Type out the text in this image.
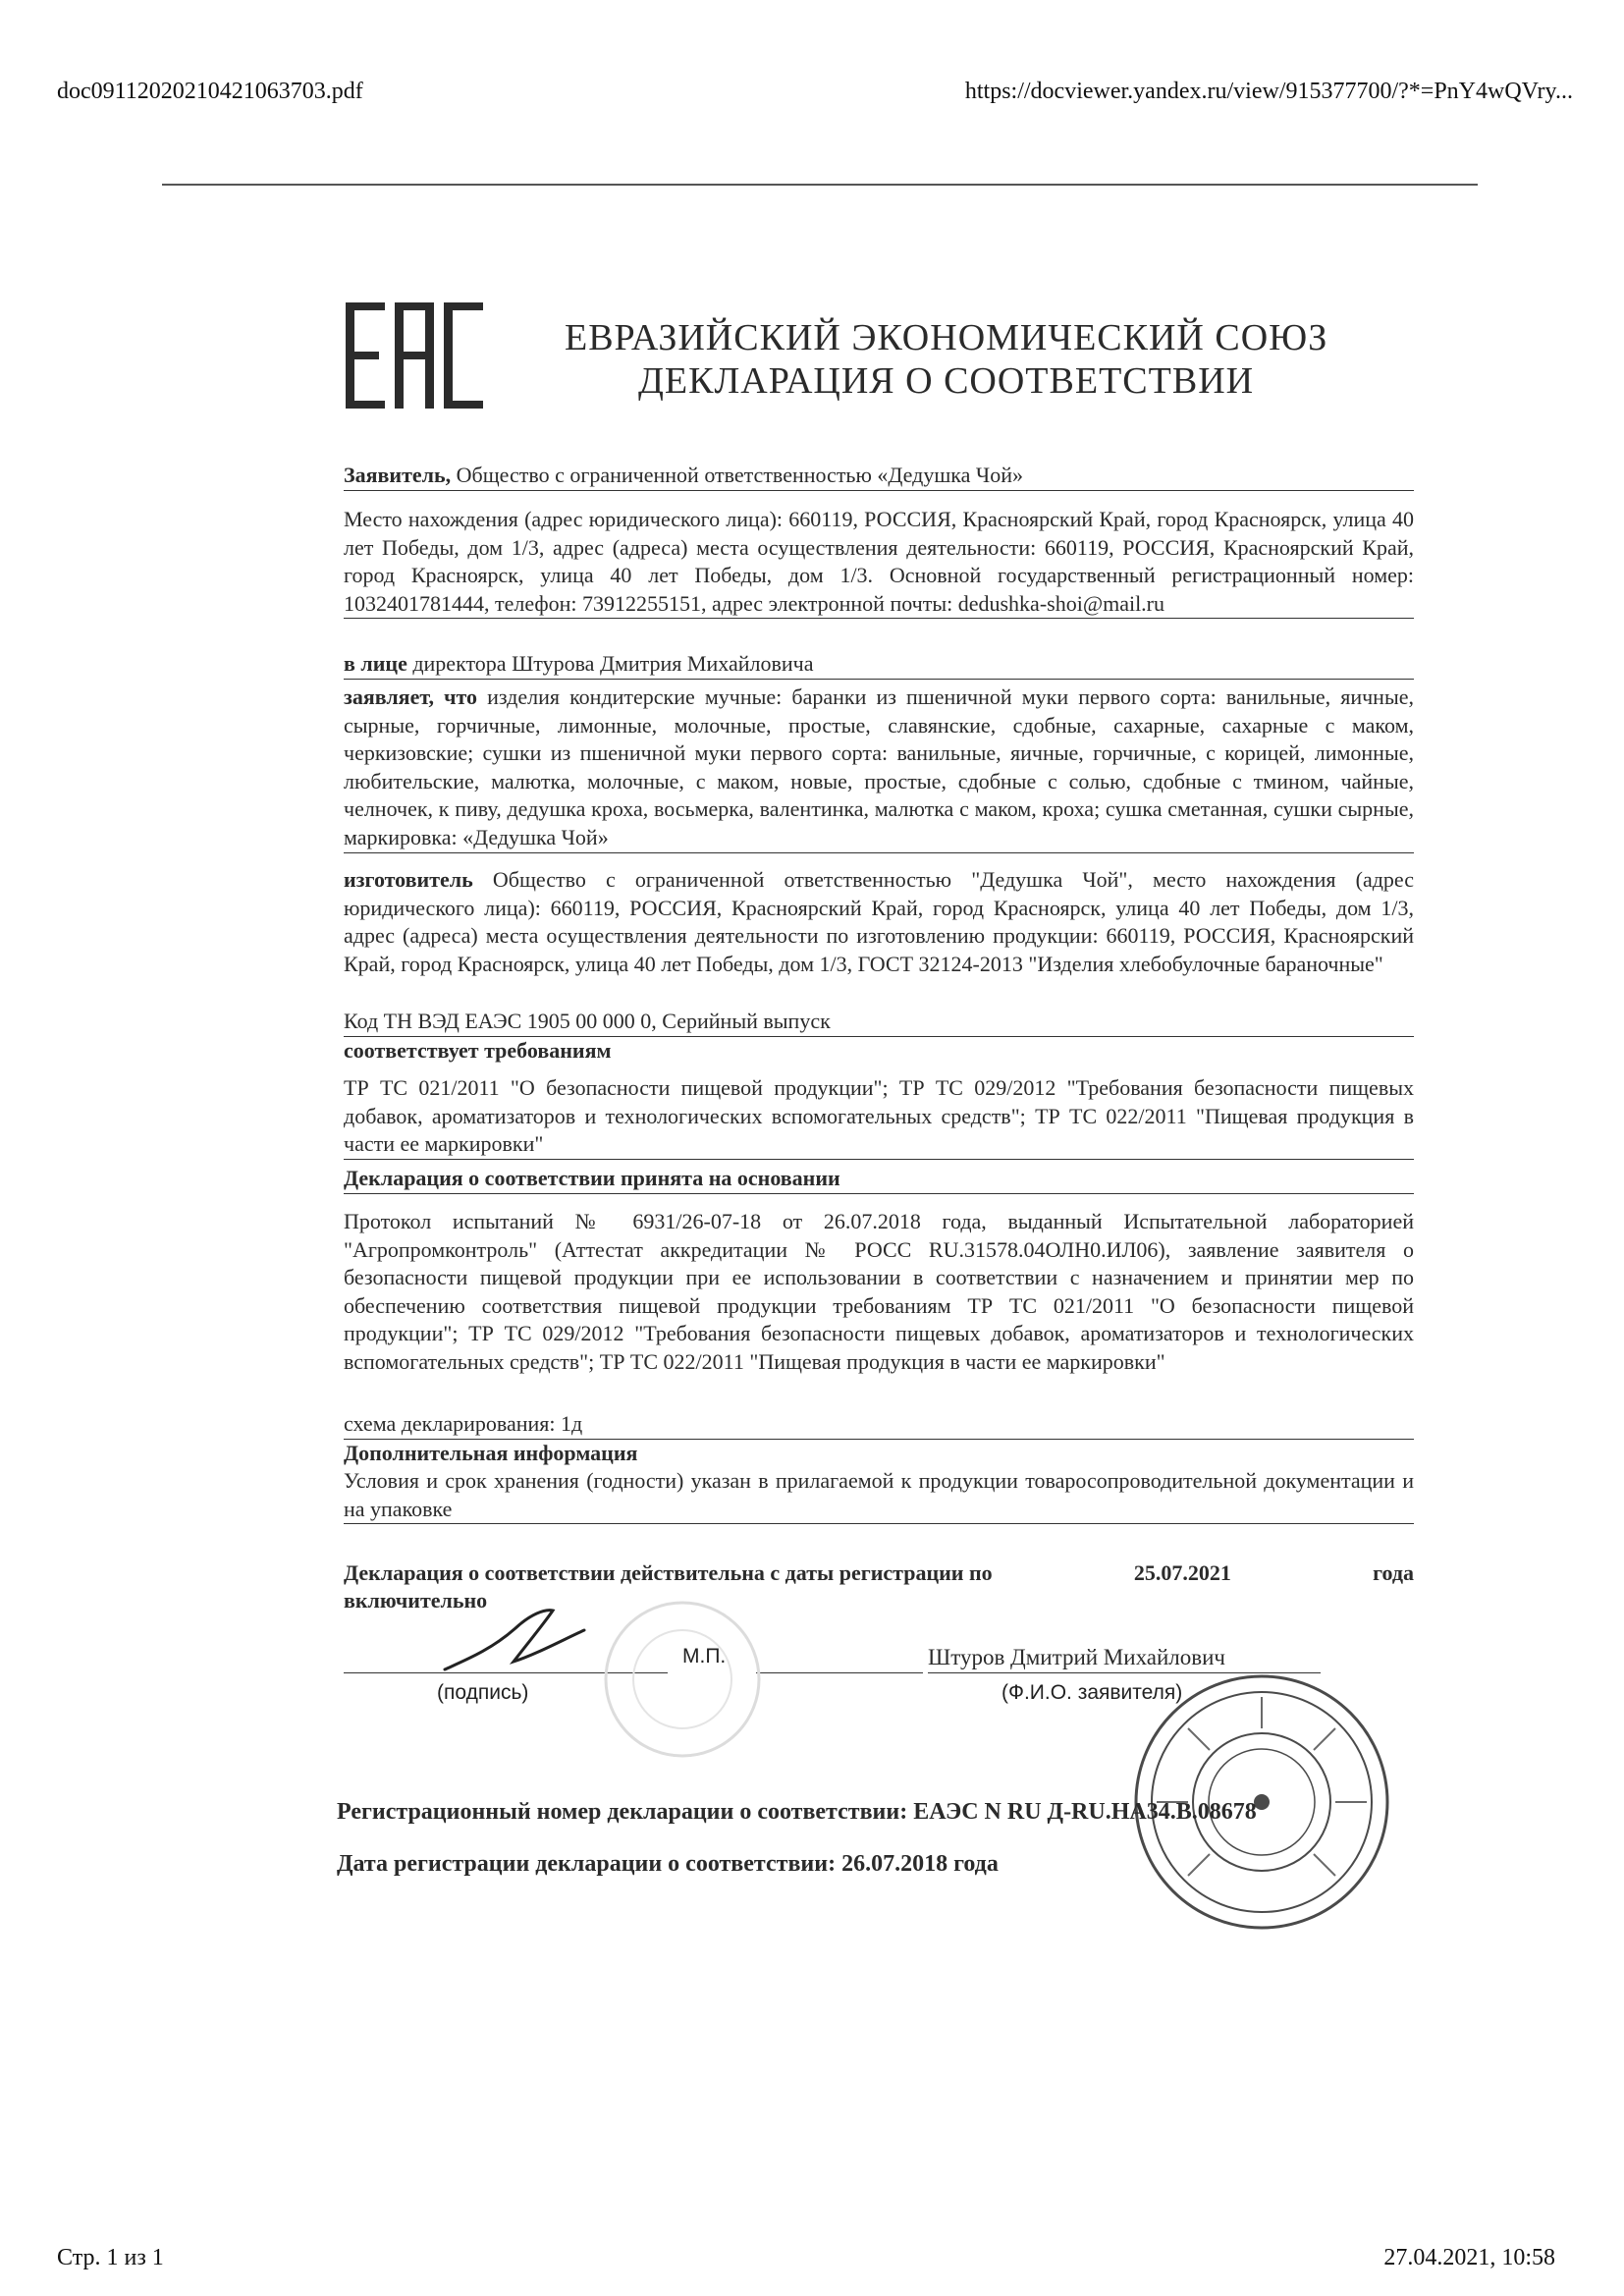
doc09112020210421063703.pdf	https://docviewer.yandex.ru/view/915377700/?*=PnY4wQVry...
ЕВРАЗИЙСКИЙ ЭКОНОМИЧЕСКИЙ СОЮЗ
ДЕКЛАРАЦИЯ О СООТВЕТСТВИИ
Заявитель, Общество с ограниченной ответственностью «Дедушка Чой»
Место нахождения (адрес юридического лица): 660119, РОССИЯ, Красноярский Край, город Красноярск, улица 40 лет Победы, дом 1/3, адрес (адреса) места осуществления деятельности: 660119, РОССИЯ, Красноярский Край, город Красноярск, улица 40 лет Победы, дом 1/3. Основной государственный регистрационный номер: 1032401781444, телефон: 73912255151, адрес электронной почты: dedushka-shoi@mail.ru
в лице директора Штурова Дмитрия Михайловича
заявляет, что изделия кондитерские мучные: баранки из пшеничной муки первого сорта: ванильные, яичные, сырные, горчичные, лимонные, молочные, простые, славянские, сдобные, сахарные, сахарные с маком, черкизовские; сушки из пшеничной муки первого сорта: ванильные, яичные, горчичные, с корицей, лимонные, любительские, малютка, молочные, с маком, новые, простые, сдобные с солью, сдобные с тмином, чайные, челночек, к пиву, дедушка кроха, восьмерка, валентинка, малютка с маком, кроха; сушка сметанная, сушки сырные, маркировка: «Дедушка Чой»
изготовитель Общество с ограниченной ответственностью "Дедушка Чой", место нахождения (адрес юридического лица): 660119, РОССИЯ, Красноярский Край, город Красноярск, улица 40 лет Победы, дом 1/3, адрес (адреса) места осуществления деятельности по изготовлению продукции: 660119, РОССИЯ, Красноярский Край, город Красноярск, улица 40 лет Победы, дом 1/3, ГОСТ 32124-2013 "Изделия хлебобулочные бараночные"
Код ТН ВЭД ЕАЭС 1905 00 000 0, Серийный выпуск
соответствует требованиям
ТР ТС 021/2011 "О безопасности пищевой продукции"; ТР ТС 029/2012 "Требования безопасности пищевых добавок, ароматизаторов и технологических вспомогательных средств"; ТР ТС 022/2011 "Пищевая продукция в части ее маркировки"
Декларация о соответствии принята на основании
Протокол испытаний № 6931/26-07-18 от 26.07.2018 года, выданный Испытательной лабораторией "Агропромконтроль" (Аттестат аккредитации № РОСС RU.31578.04ОЛН0.ИЛ06), заявление заявителя о безопасности пищевой продукции при ее использовании в соответствии с назначением и принятии мер по обеспечению соответствия пищевой продукции требованиям ТР ТС 021/2011 "О безопасности пищевой продукции"; ТР ТС 029/2012 "Требования безопасности пищевых добавок, ароматизаторов и технологических вспомогательных средств"; ТР ТС 022/2011 "Пищевая продукция в части ее маркировки"
схема декларирования: 1д
Дополнительная информация
Условия и срок хранения (годности) указан в прилагаемой к продукции товаросопроводительной документации и на упаковке
Декларация о соответствии действительна с даты регистрации по	25.07.2021	года
включительно
М.П.	Штуров Дмитрий Михайлович
(подпись)	(Ф.И.О. заявителя)
Регистрационный номер декларации о соответствии: ЕАЭС N RU Д-RU.НА34.В.08678
Дата регистрации декларации о соответствии: 26.07.2018 года
Стр. 1 из 1	27.04.2021, 10:58
